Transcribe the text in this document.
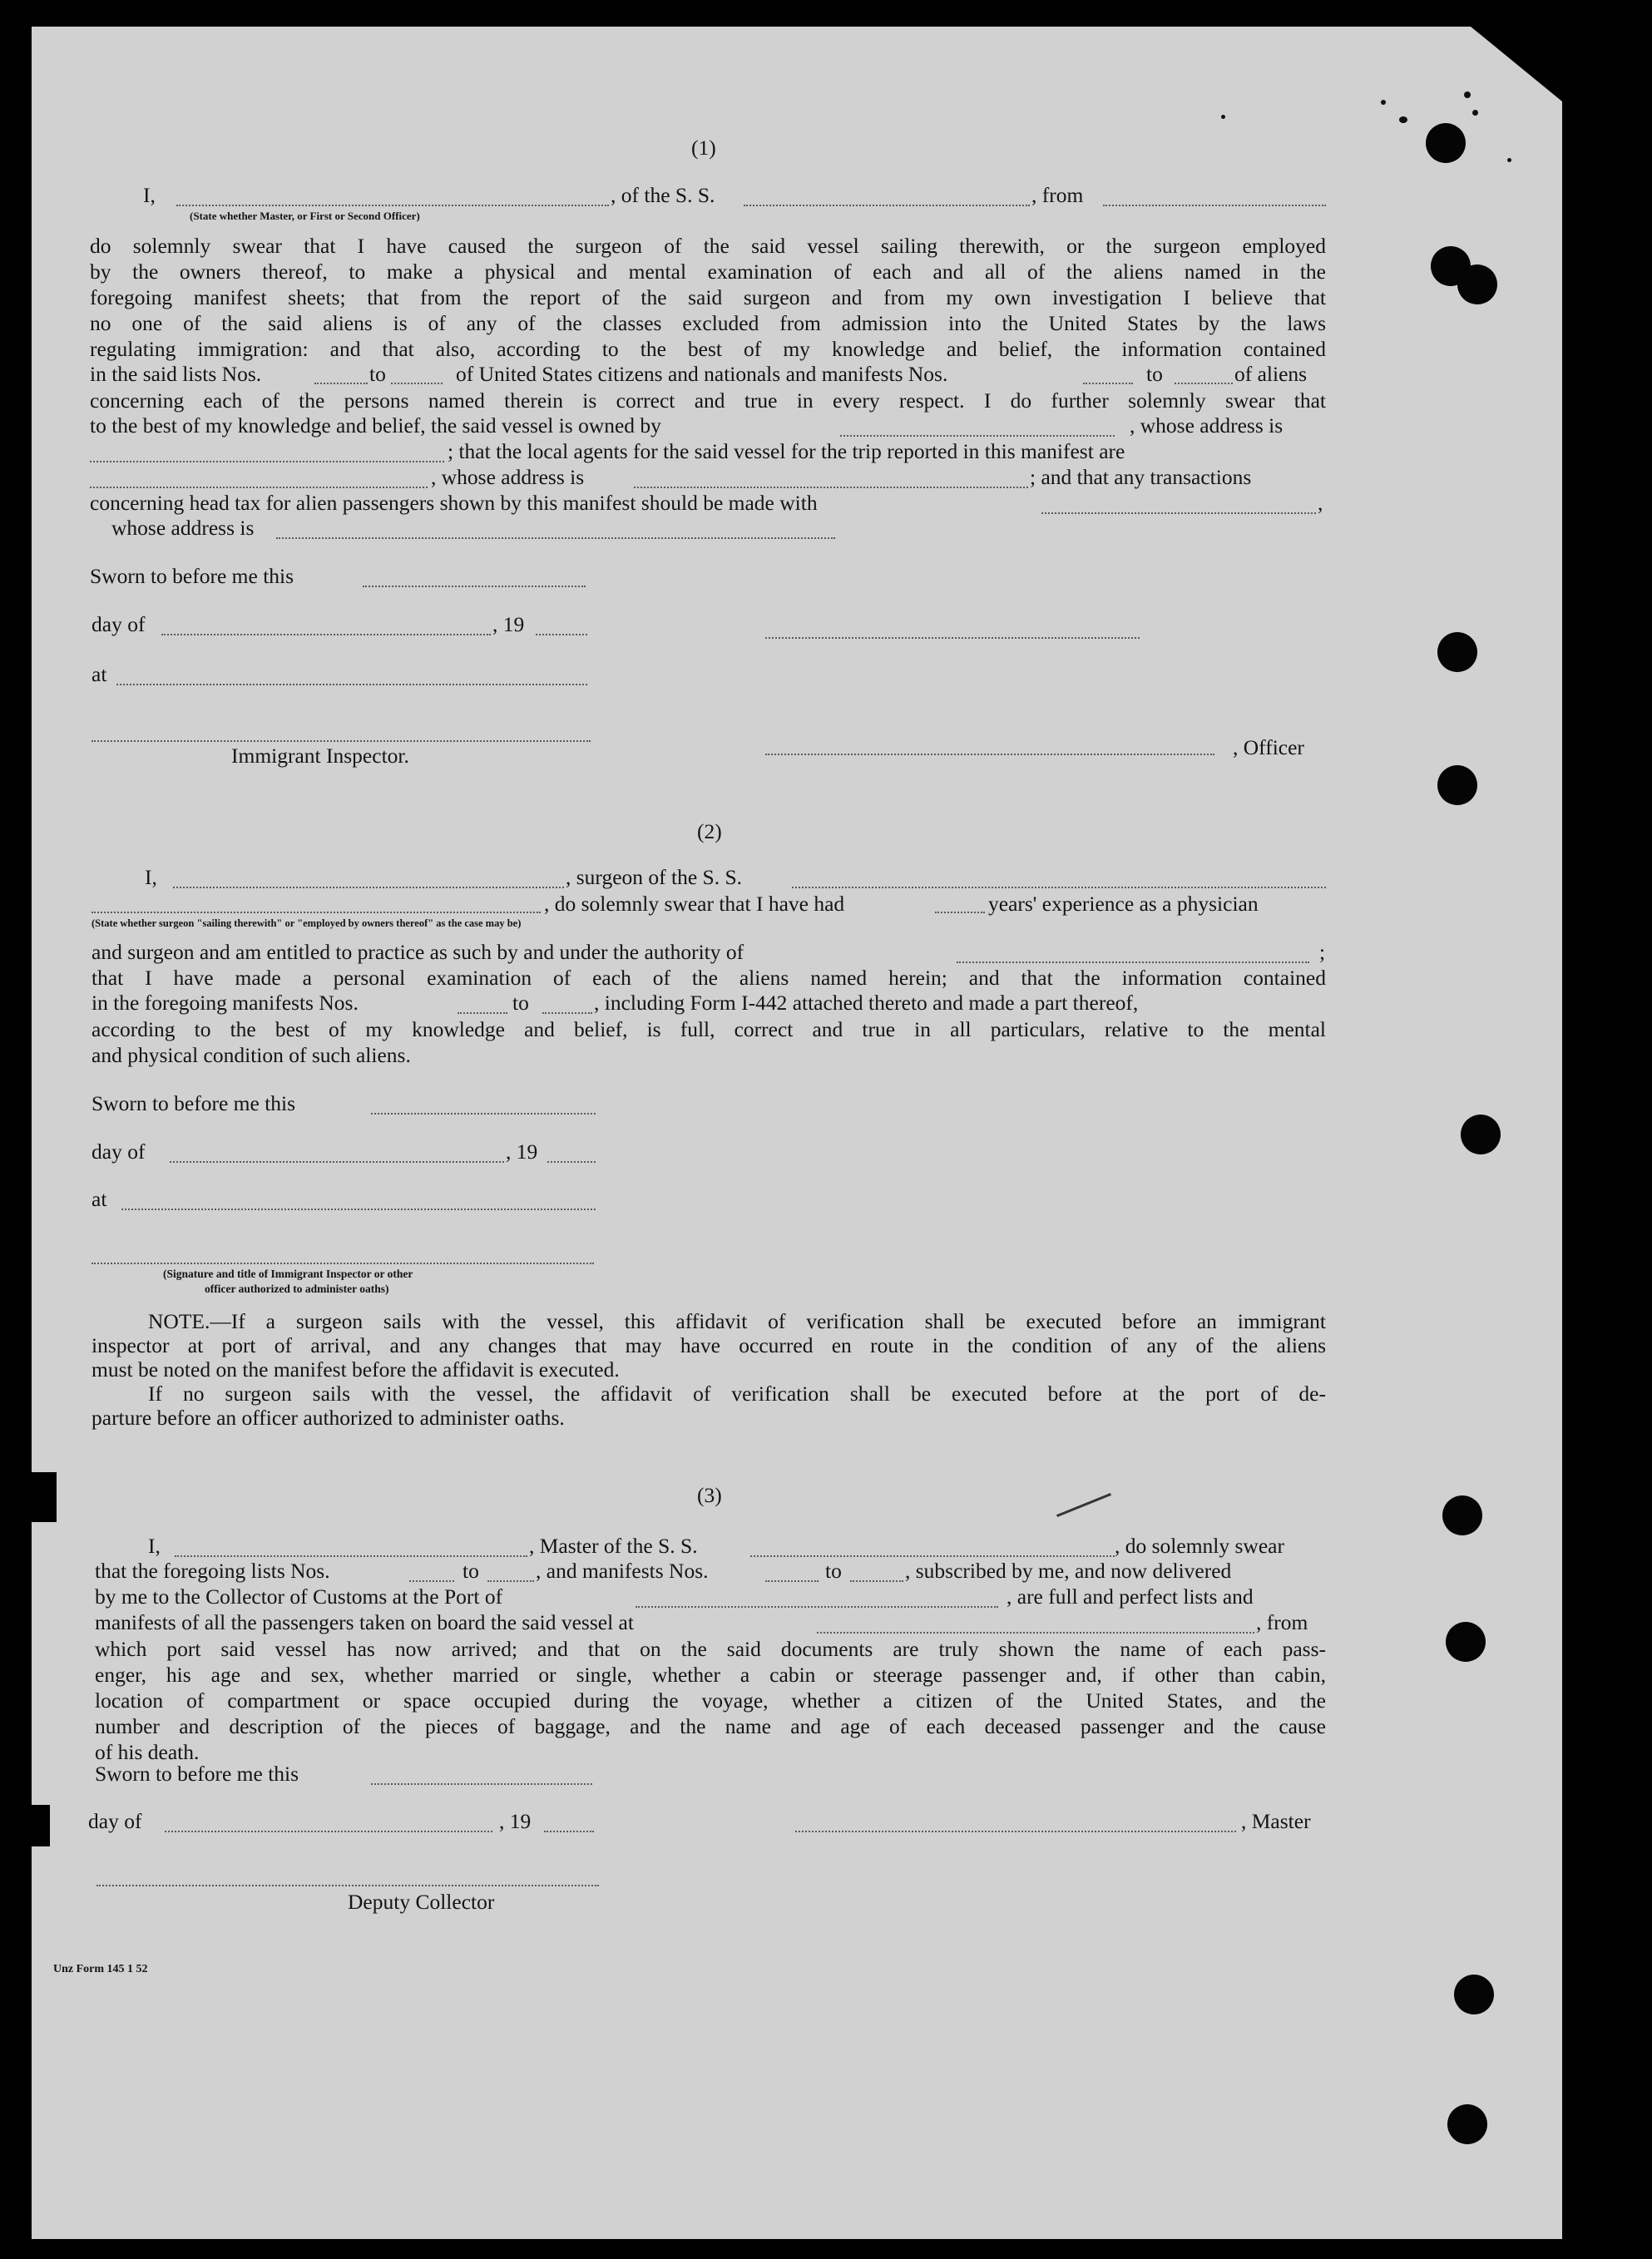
(1)
I,	, of the S. S.	, from
(State whether Master, or First or Second Officer)
do solemnly swear that I have caused the surgeon of the said vessel sailing therewith, or the surgeon employed
by the owners thereof, to make a physical and mental examination of each and all of the aliens named in the
foregoing manifest sheets; that from the report of the said surgeon and from my own investigation I believe that
no one of the said aliens is of any of the classes excluded from admission into the United States by the laws
regulating immigration: and that also, according to the best of my knowledge and belief, the information contained
in the said lists Nos.	to	of United States citizens and nationals and manifests Nos.	to	of aliens
concerning each of the persons named therein is correct and true in every respect. I do further solemnly swear that
to the best of my knowledge and belief, the said vessel is owned by	, whose address is
; that the local agents for the said vessel for the trip reported in this manifest are
, whose address is	; and that any transactions
concerning head tax for alien passengers shown by this manifest should be made with	,
whose address is
Sworn to before me this
day of	, 19
at
Immigrant Inspector.	, Officer
(2)
I,	, surgeon of the S. S.
, do solemnly swear that I have had	years' experience as a physician
(State whether surgeon "sailing therewith" or "employed by owners thereof" as the case may be)
and surgeon and am entitled to practice as such by and under the authority of	;
that I have made a personal examination of each of the aliens named herein; and that the information contained
in the foregoing manifests Nos.	to	, including Form I-442 attached thereto and made a part thereof,
according to the best of my knowledge and belief, is full, correct and true in all particulars, relative to the mental
and physical condition of such aliens.
Sworn to before me this
day of	, 19
at
(Signature and title of Immigrant Inspector or other
officer authorized to administer oaths)
NOTE.—If a surgeon sails with the vessel, this affidavit of verification shall be executed before an immigrant
inspector at port of arrival, and any changes that may have occurred en route in the condition of any of the aliens
must be noted on the manifest before the affidavit is executed.
If no surgeon sails with the vessel, the affidavit of verification shall be executed before at the port of de-
parture before an officer authorized to administer oaths.
(3)
I,	, Master of the S. S.	, do solemnly swear
that the foregoing lists Nos.	to	, and manifests Nos.	to	, subscribed by me, and now delivered
by me to the Collector of Customs at the Port of	, are full and perfect lists and
manifests of all the passengers taken on board the said vessel at	, from
which port said vessel has now arrived; and that on the said documents are truly shown the name of each pass-
enger, his age and sex, whether married or single, whether a cabin or steerage passenger and, if other than cabin,
location of compartment or space occupied during the voyage, whether a citizen of the United States, and the
number and description of the pieces of baggage, and the name and age of each deceased passenger and the cause
of his death.
Sworn to before me this
day of	, 19	, Master
Deputy Collector
Unz Form 145 1 52
